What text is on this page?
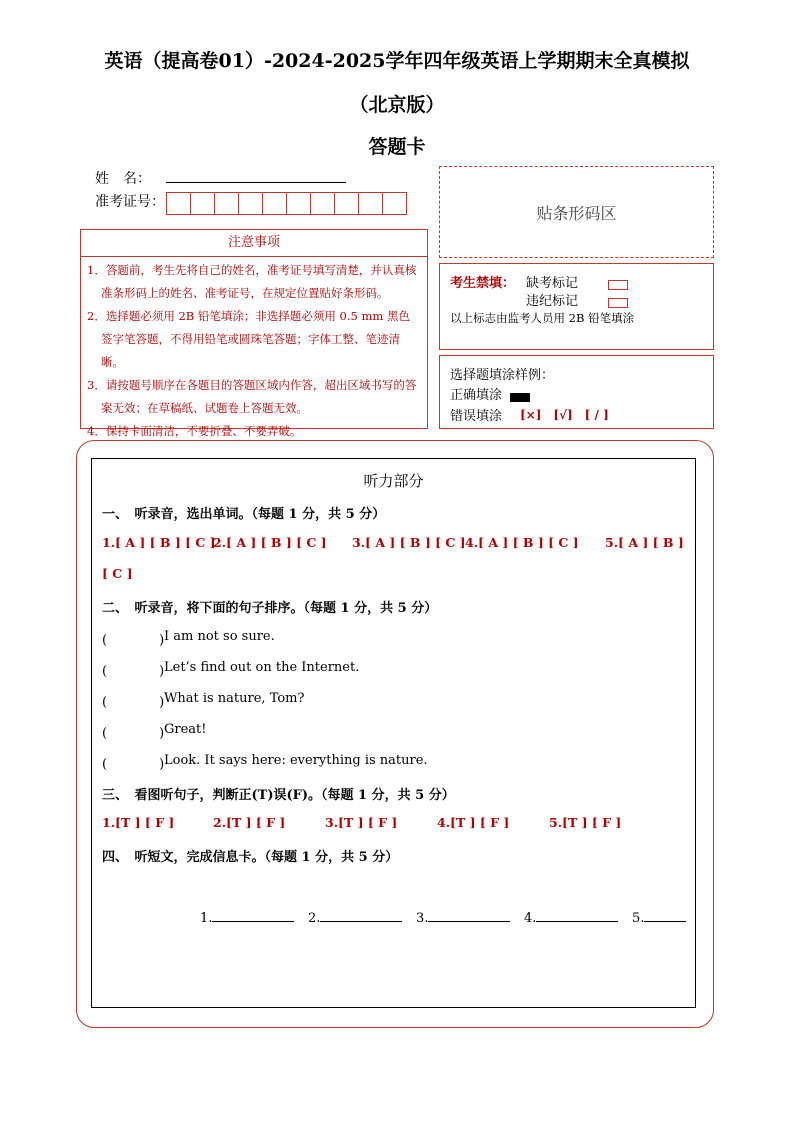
英语（提高卷01）-2024-2025学年四年级英语上学期期末全真模拟
（北京版）
答题卡
姓　名：
准考证号：
贴条形码区
注意事项
1．答题前，考生先将自己的姓名，准考证号填写清楚，并认真核准条形码上的姓名、准考证号，在规定位置贴好条形码。
2．选择题必须用 2B 铅笔填涂；非选择题必须用 0.5 mm 黑色签字笔答题，不得用铅笔或圆珠笔答题；字体工整、笔迹清晰。
3．请按题号顺序在各题目的答题区域内作答，超出区域书写的答案无效；在草稿纸、试题卷上答题无效。
4．保持卡面清洁，不要折叠、不要弄破。
考生禁填： 缺考标记
违纪标记
以上标志由监考人员用 2B 铅笔填涂
选择题填涂样例：
正确填涂
错误填涂 [×]　[√]　[ / ]
听力部分
一、　听录音，选出单词。（每题 1 分，共 5 分）
1.[ A ] [ B ] [ C ]
2.[ A ] [ B ] [ C ] 3.[ A ] [ B ] [ C ] 4.[ A ] [ B ] [ C ] 5.[ A ] [ B ]
[ C ]
二、　听录音，将下面的句子排序。（每题 1 分，共 5 分）
(　　　　) I am not so sure.
(　　　　) Let’s find out on the Internet.
(　　　　) What is nature, Tom?
(　　　　) Great!
(　　　　) Look. It says here: everything is nature.
三、　看图听句子，判断正(T)误(F)。（每题 1 分，共 5 分）
1.[T ] [ F ]	2.[T ] [ F ]	3.[T ] [ F ]	4.[T ] [ F ]	5.[T ] [ F ]
四、　听短文，完成信息卡。（每题 1 分，共 5 分）
1.	2.	3.	4.	5.
